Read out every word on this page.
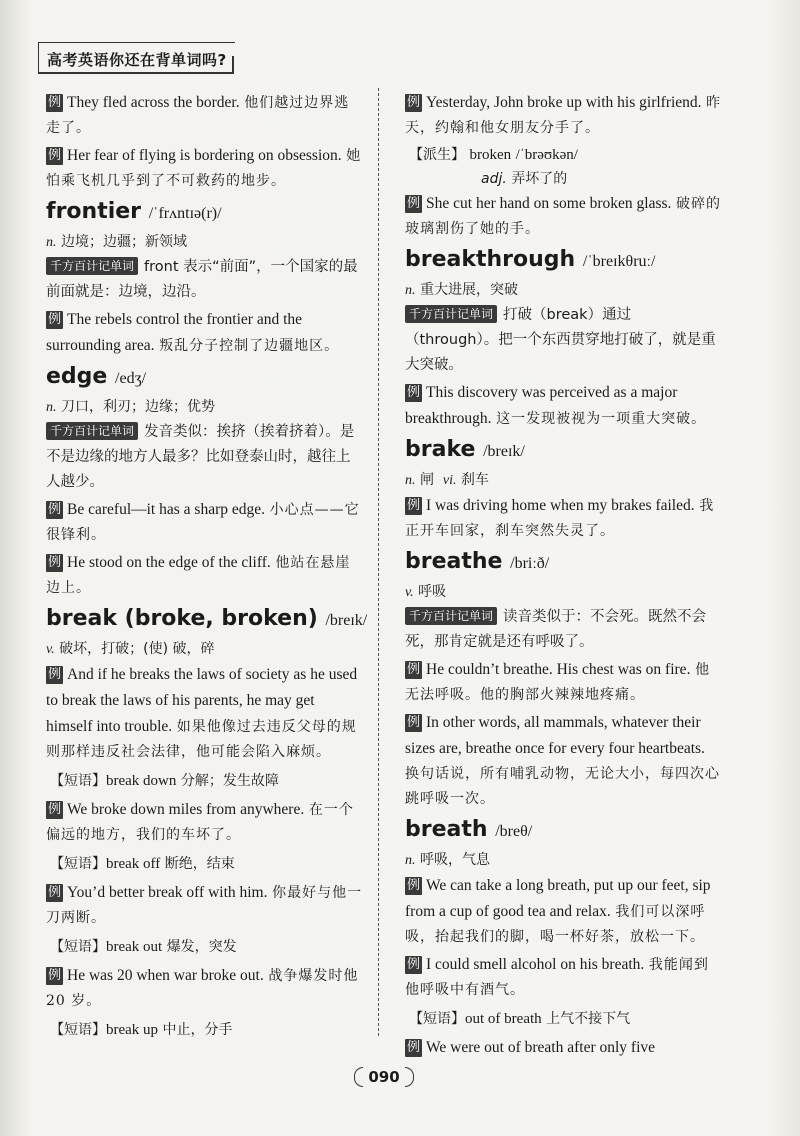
高考英语你还在背单词吗?

例 They fled across the border. 他们越过边界逃走了。

例 Her fear of flying is bordering on obsession. 她怕乘飞机几乎到了不可救药的地步。

frontier /ˈfrʌntɪə(r)/

n. 边境；边疆；新领域

千方百计记单词 front 表示“前面”，一个国家的最前面就是：边境，边沿。

例 The rebels control the frontier and the surrounding area. 叛乱分子控制了边疆地区。

edge /edʒ/

n. 刀口，利刃；边缘；优势

千方百计记单词 发音类似：挨挤（挨着挤着）。是不是边缘的地方人最多？比如登泰山时，越往上人越少。

例 Be careful—it has a sharp edge. 小心点——它很锋利。

例 He stood on the edge of the cliff. 他站在悬崖边上。

break (broke, broken) /breɪk/

v. 破坏，打破；(使) 破，碎

例 And if he breaks the laws of society as he used to break the laws of his parents, he may get himself into trouble. 如果他像过去违反父母的规则那样违反社会法律，他可能会陷入麻烦。

【短语】break down 分解；发生故障

例 We broke down miles from anywhere. 在一个偏远的地方，我们的车坏了。

【短语】break off 断绝，结束

例 You’d better break off with him. 你最好与他一刀两断。

【短语】break out 爆发，突发

例 He was 20 when war broke out. 战争爆发时他 20 岁。

【短语】break up 中止，分手

例 Yesterday, John broke up with his girlfriend. 昨天，约翰和他女朋友分手了。

【派生】 broken /ˈbrəʊkən/
adj. 弄坏了的

例 She cut her hand on some broken glass. 破碎的玻璃割伤了她的手。

breakthrough /ˈbreɪkθruː/

n. 重大进展，突破

千方百计记单词 打破（break）通过（through）。把一个东西贯穿地打破了，就是重大突破。

例 This discovery was perceived as a major breakthrough. 这一发现被视为一项重大突破。

brake /breɪk/

n. 闸 vi. 刹车

例 I was driving home when my brakes failed. 我正开车回家，刹车突然失灵了。

breathe /briːð/

v. 呼吸

千方百计记单词 读音类似于：不会死。既然不会死，那肯定就是还有呼吸了。

例 He couldn’t breathe. His chest was on fire. 他无法呼吸。他的胸部火辣辣地疼痛。

例 In other words, all mammals, whatever their sizes are, breathe once for every four heartbeats. 换句话说，所有哺乳动物，无论大小，每四次心跳呼吸一次。

breath /breθ/

n. 呼吸，气息

例 We can take a long breath, put up our feet, sip from a cup of good tea and relax. 我们可以深呼吸，抬起我们的脚，喝一杯好茶，放松一下。

例 I could smell alcohol on his breath. 我能闻到他呼吸中有酒气。

【短语】out of breath 上气不接下气

例 We were out of breath after only five

090
